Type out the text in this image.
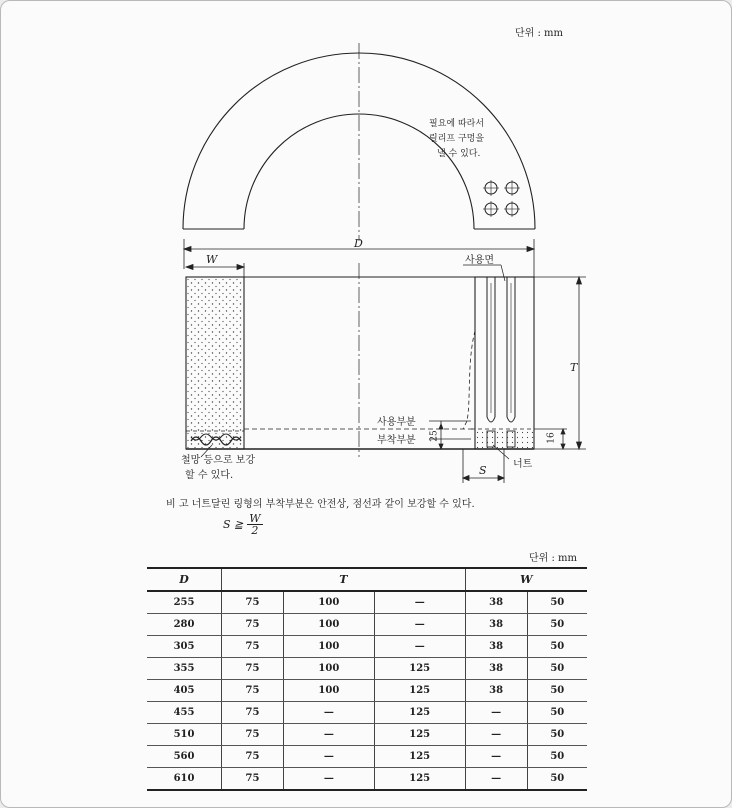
단위 : mm
D
W
T
S
사용면
사용부분
부착부분 25	16
너트
필요에 따라서
릴리프 구멍을
낼 수 있다.
철망 등으로 보강
할 수 있다.
비 고 너트달린 링형의 부착부분은 안전상, 점선과 같이 보강할 수 있다.
S ≧ $\frac{W}{2}$
단위 : mm
D	T			W	
255	75	100	—	38	50
280	75	100	—	38	50
305	75	100	—	38	50
355	75	100	125	38	50
405	75	100	125	38	50
455	75	—	125	—	50
510	75	—	125	—	50
560	75	—	125	—	50
610	75	—	125	—	50
